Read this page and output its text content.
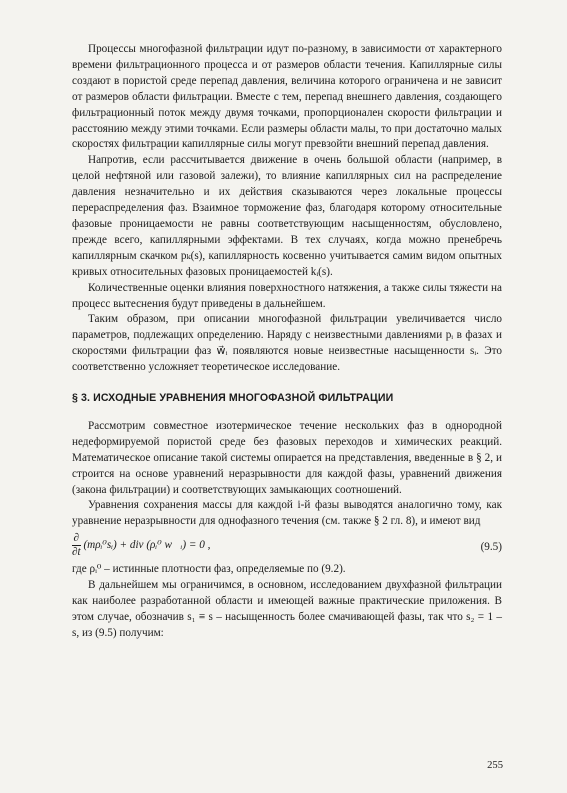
Процессы многофазной фильтрации идут по-разному, в зависимости от характерного времени фильтрационного процесса и от размеров области течения. Капиллярные силы создают в пористой среде перепад давления, величина которого ограничена и не зависит от размеров области фильтрации. Вместе с тем, перепад внешнего давления, создающего фильтрационный поток между двумя точками, пропорционален скорости фильтрации и расстоянию между этими точками. Если размеры области малы, то при достаточно малых скоростях фильтрации капиллярные силы могут превзойти внешний перепад давления.

Напротив, если рассчитывается движение в очень большой области (например, в целой нефтяной или газовой залежи), то влияние капиллярных сил на распределение давления незначительно и их действия сказываются через локальные процессы перераспределения фаз. Взаимное торможение фаз, благодаря которому относительные фазовые проницаемости не равны соответствующим насыщенностям, обусловлено, прежде всего, капиллярными эффектами. В тех случаях, когда можно пренебречь капиллярным скачком pₖ(s), капиллярность косвенно учитывается самим видом опытных кривых относительных фазовых проницаемостей kᵢ(s).

Количественные оценки влияния поверхностного натяжения, а также силы тяжести на процесс вытеснения будут приведены в дальнейшем.

Таким образом, при описании многофазной фильтрации увеличивается число параметров, подлежащих определению. Наряду с неизвестными давлениями pᵢ в фазах и скоростями фильтрации фаз w⃗ᵢ появляются новые неизвестные насыщенности sᵢ. Это соответственно усложняет теоретическое исследование.

§ 3. ИСХОДНЫЕ УРАВНЕНИЯ МНОГОФАЗНОЙ ФИЛЬТРАЦИИ

Рассмотрим совместное изотермическое течение нескольких фаз в однородной недеформируемой пористой среде без фазовых переходов и химических реакций. Математическое описание такой системы опирается на представления, введенные в § 2, и строится на основе уравнений неразрывности для каждой фазы, уравнений движения (закона фильтрации) и соответствующих замыкающих соотношений.

Уравнения сохранения массы для каждой i-й фазы выводятся аналогично тому, как уравнение неразрывности для однофазного течения (см. также § 2 гл. 8), и имеют вид

$\frac{\partial}{\partial t}$ (mρᵢ⁰sᵢ) + div (ρᵢ⁰ w⃗ᵢ) = 0 ,	(9.5)

где ρᵢ⁰ – истинные плотности фаз, определяемые по (9.2).

В дальнейшем мы ограничимся, в основном, исследованием двухфазной фильтрации как наиболее разработанной области и имеющей важные практические приложения. В этом случае, обозначив s₁ ≡ s – насыщенность более смачивающей фазы, так что s₂ = 1 – s, из (9.5) получим:

255
